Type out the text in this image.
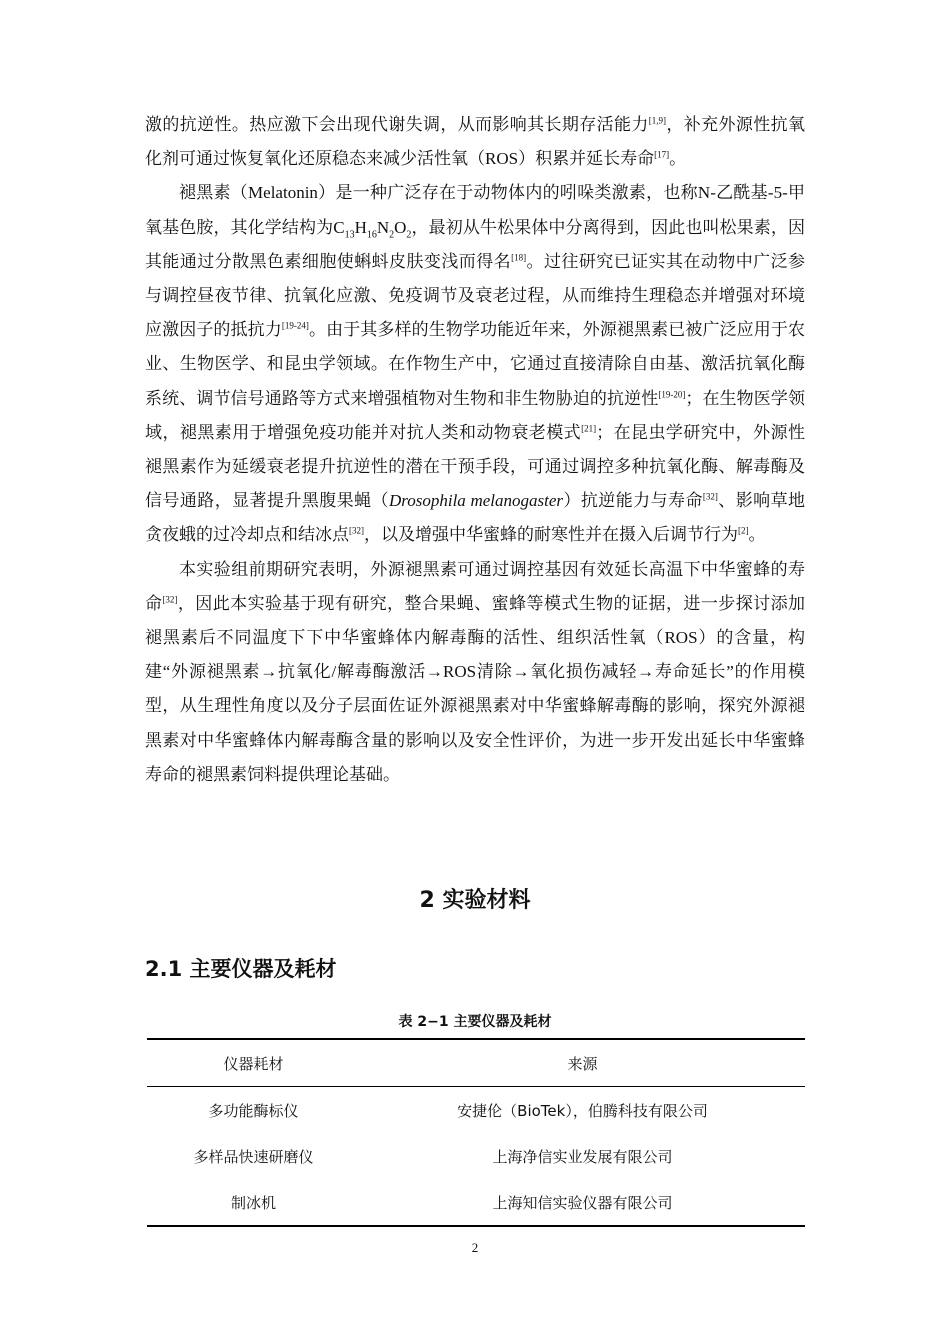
激的抗逆性。热应激下会出现代谢失调，从而影响其长期存活能力[1,9]，补充外源性抗氧化剂可通过恢复氧化还原稳态来减少活性氧（ROS）积累并延长寿命[17]。

褪黑素（Melatonin）是一种广泛存在于动物体内的吲哚类激素，也称N-乙酰基-5-甲氧基色胺，其化学结构为$C_{13}H_{16}N_2O_2$，最初从牛松果体中分离得到，因此也叫松果素，因其能通过分散黑色素细胞使蝌蚪皮肤变浅而得名[18]。过往研究已证实其在动物中广泛参与调控昼夜节律、抗氧化应激、免疫调节及衰老过程，从而维持生理稳态并增强对环境应激因子的抵抗力[19-24]。由于其多样的生物学功能近年来，外源褪黑素已被广泛应用于农业、生物医学、和昆虫学领域。在作物生产中，它通过直接清除自由基、激活抗氧化酶系统、调节信号通路等方式来增强植物对生物和非生物胁迫的抗逆性[19-20]；在生物医学领域，褪黑素用于增强免疫功能并对抗人类和动物衰老模式[21]；在昆虫学研究中，外源性褪黑素作为延缓衰老提升抗逆性的潜在干预手段，可通过调控多种抗氧化酶、解毒酶及信号通路，显著提升黑腹果蝇（Drosophila melanogaster）抗逆能力与寿命[32]、影响草地贪夜蛾的过冷却点和结冰点[32]，以及增强中华蜜蜂的耐寒性并在摄入后调节行为[2]。

本实验组前期研究表明，外源褪黑素可通过调控基因有效延长高温下中华蜜蜂的寿命[32]，因此本实验基于现有研究，整合果蝇、蜜蜂等模式生物的证据，进一步探讨添加褪黑素后不同温度下下中华蜜蜂体内解毒酶的活性、组织活性氧（ROS）的含量，构建“外源褪黑素→抗氧化/解毒酶激活→ROS清除→氧化损伤减轻→寿命延长”的作用模型，从生理性角度以及分子层面佐证外源褪黑素对中华蜜蜂解毒酶的影响，探究外源褪黑素对中华蜜蜂体内解毒酶含量的影响以及安全性评价，为进一步开发出延长中华蜜蜂寿命的褪黑素饲料提供理论基础。

2 实验材料
2.1 主要仪器及耗材
表 2−1 主要仪器及耗材
仪器耗材	来源
多功能酶标仪	安捷伦（BioTek），伯腾科技有限公司
多样品快速研磨仪	上海净信实业发展有限公司
制冰机	上海知信实验仪器有限公司
2
